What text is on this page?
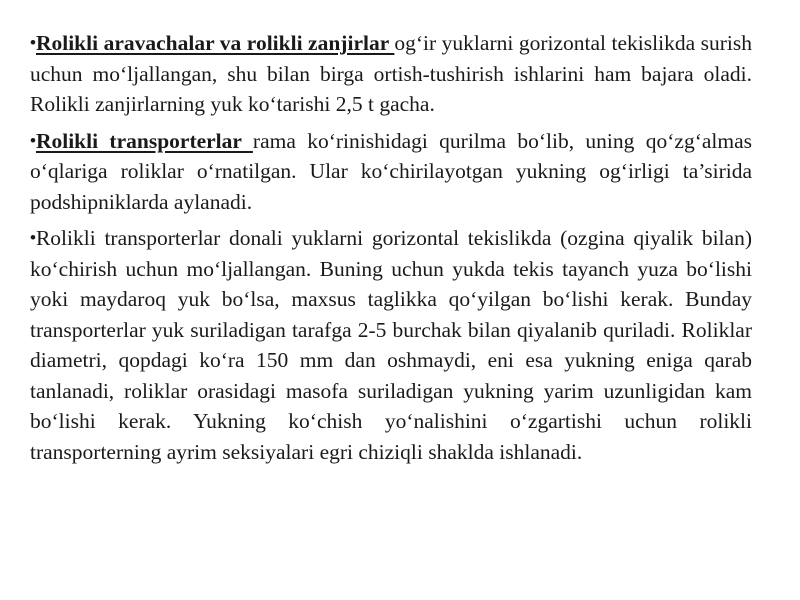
•Rolikli aravachalar va rolikli zanjirlar og‘ir yuklarni gorizontal tekislikda surish uchun mo‘ljallangan, shu bilan birga ortish-tushirish ishlarini ham bajara oladi. Rolikli zanjirlarning yuk ko‘tarishi 2,5 t gacha.

•Rolikli transporterlar rama ko‘rinishidagi qurilma bo‘lib, uning qo‘zg‘almas o‘qlariga roliklar o‘rnatilgan. Ular ko‘chirilayotgan yukning og‘irligi ta’sirida podshipniklarda aylanadi.

•Rolikli transporterlar donali yuklarni gorizontal tekislikda (ozgina qiyalik bilan) ko‘chirish uchun mo‘ljallangan. Buning uchun yukda tekis tayanch yuza bo‘lishi yoki maydaroq yuk bo‘lsa, maxsus taglikka qo‘yilgan bo‘lishi kerak. Bunday transporterlar yuk suriladigan tarafga 2-5 burchak bilan qiyalanib quriladi. Roliklar diametri, qopdagi ko‘ra 150 mm dan oshmaydi, eni esa yukning eniga qarab tanlanadi, roliklar orasidagi masofa suriladigan yukning yarim uzunligidan kam bo‘lishi kerak. Yukning ko‘chish yo‘nalishini o‘zgartishi uchun rolikli transporterning ayrim seksiyalari egri chiziqli shaklda ishlanadi.
